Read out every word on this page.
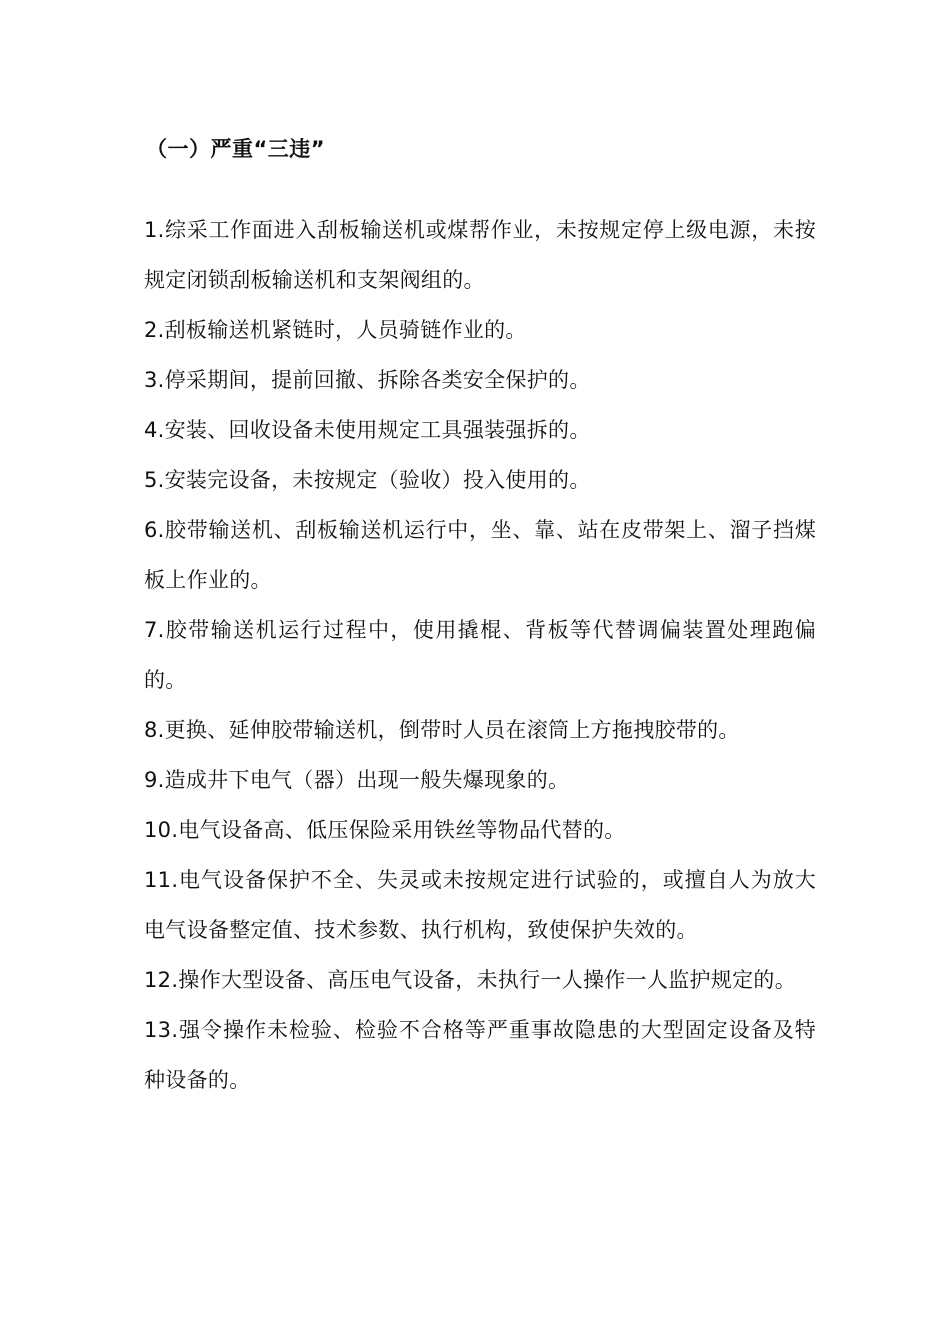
（一）严重“三违”

1.综采工作面进入刮板输送机或煤帮作业，未按规定停上级电源，未按规定闭锁刮板输送机和支架阀组的。

2.刮板输送机紧链时，人员骑链作业的。

3.停采期间，提前回撤、拆除各类安全保护的。

4.安装、回收设备未使用规定工具强装强拆的。

5.安装完设备，未按规定（验收）投入使用的。

6.胶带输送机、刮板输送机运行中，坐、靠、站在皮带架上、溜子挡煤板上作业的。

7.胶带输送机运行过程中，使用撬棍、背板等代替调偏装置处理跑偏的。

8.更换、延伸胶带输送机，倒带时人员在滚筒上方拖拽胶带的。

9.造成井下电气（器）出现一般失爆现象的。

10.电气设备高、低压保险采用铁丝等物品代替的。

11.电气设备保护不全、失灵或未按规定进行试验的，或擅自人为放大电气设备整定值、技术参数、执行机构，致使保护失效的。

12.操作大型设备、高压电气设备，未执行一人操作一人监护规定的。

13.强令操作未检验、检验不合格等严重事故隐患的大型固定设备及特种设备的。
